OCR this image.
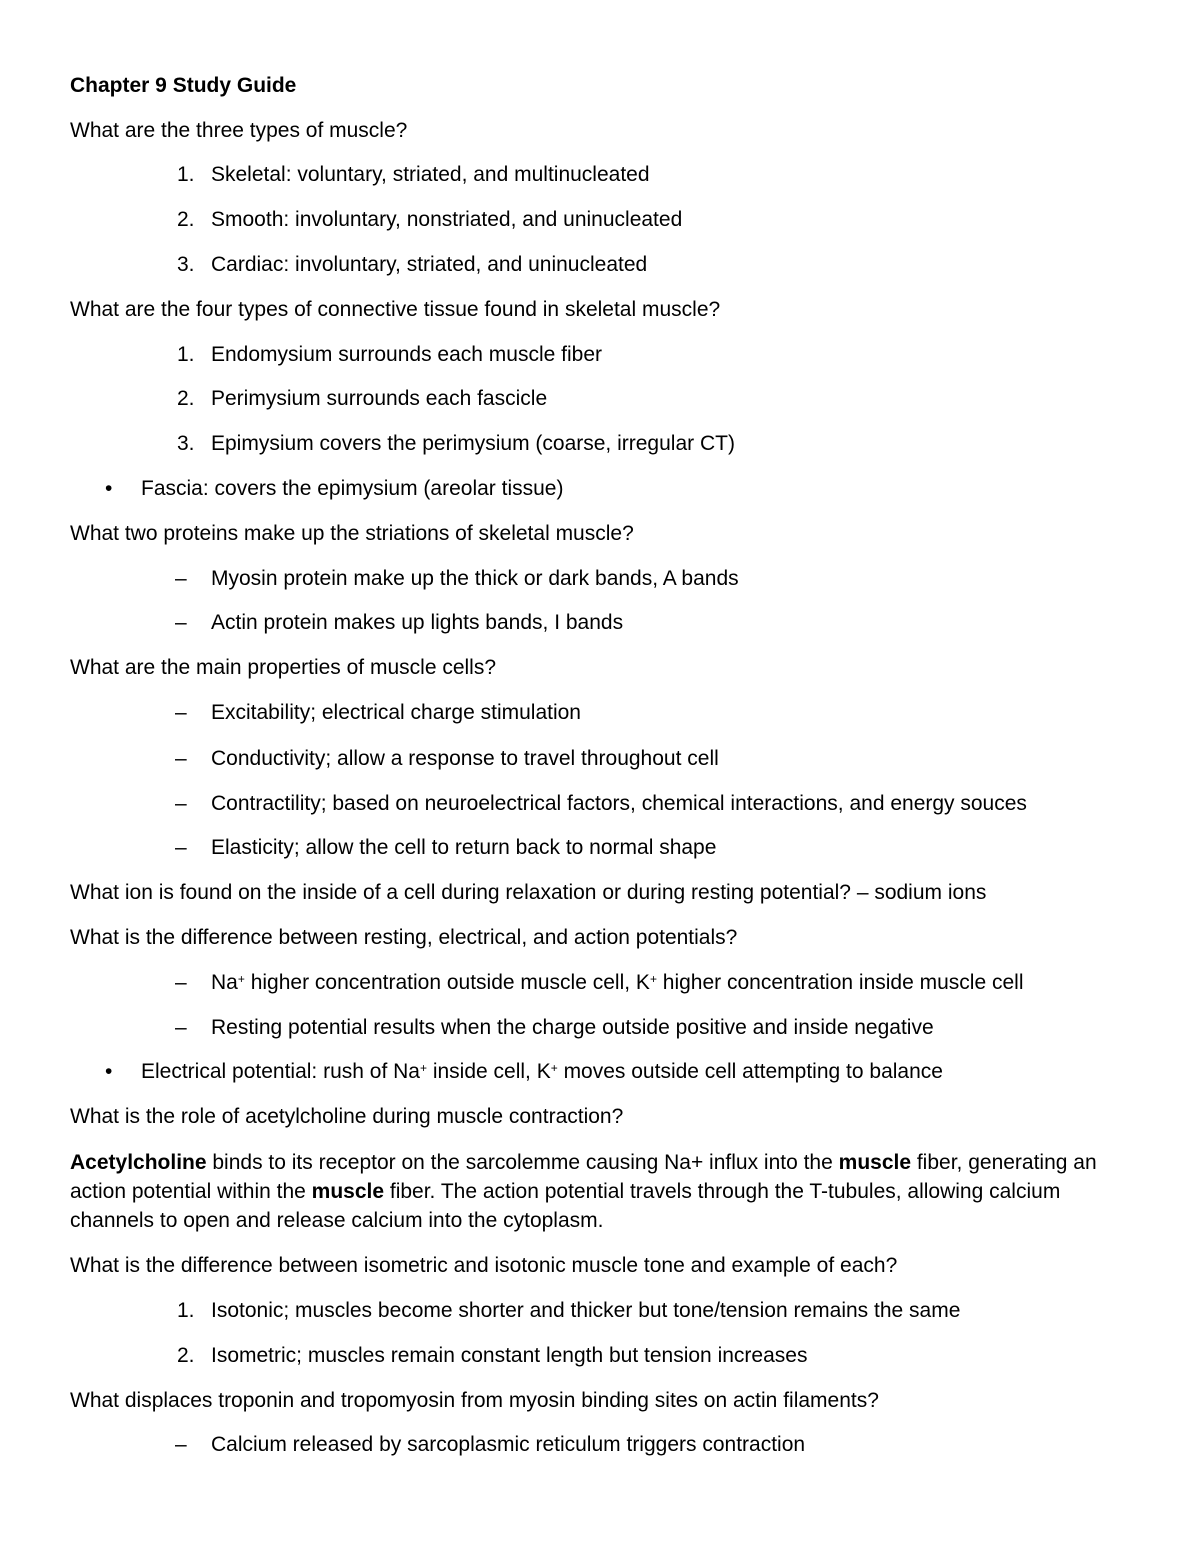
Chapter 9 Study Guide
What are the three types of muscle?
1. Skeletal: voluntary, striated, and multinucleated
2. Smooth: involuntary, nonstriated, and uninucleated
3. Cardiac: involuntary, striated, and uninucleated
What are the four types of connective tissue found in skeletal muscle?
1. Endomysium surrounds each muscle fiber
2. Perimysium surrounds each fascicle
3. Epimysium covers the perimysium (coarse, irregular CT)
• Fascia: covers the epimysium (areolar tissue)
What two proteins make up the striations of skeletal muscle?
– Myosin protein make up the thick or dark bands, A bands
– Actin protein makes up lights bands, I bands
What are the main properties of muscle cells?
– Excitability; electrical charge stimulation
– Conductivity; allow a response to travel throughout cell
– Contractility; based on neuroelectrical factors, chemical interactions, and energy souces
– Elasticity; allow the cell to return back to normal shape
What ion is found on the inside of a cell during relaxation or during resting potential? – sodium ions
What is the difference between resting, electrical, and action potentials?
– Na+ higher concentration outside muscle cell, K+ higher concentration inside muscle cell
– Resting potential results when the charge outside positive and inside negative
• Electrical potential: rush of Na+ inside cell, K+ moves outside cell attempting to balance
What is the role of acetylcholine during muscle contraction?
Acetylcholine binds to its receptor on the sarcolemme causing Na+ influx into the muscle fiber, generating an action potential within the muscle fiber. The action potential travels through the T-tubules, allowing calcium channels to open and release calcium into the cytoplasm.
What is the difference between isometric and isotonic muscle tone and example of each?
1. Isotonic; muscles become shorter and thicker but tone/tension remains the same
2. Isometric; muscles remain constant length but tension increases
What displaces troponin and tropomyosin from myosin binding sites on actin filaments?
– Calcium released by sarcoplasmic reticulum triggers contraction
